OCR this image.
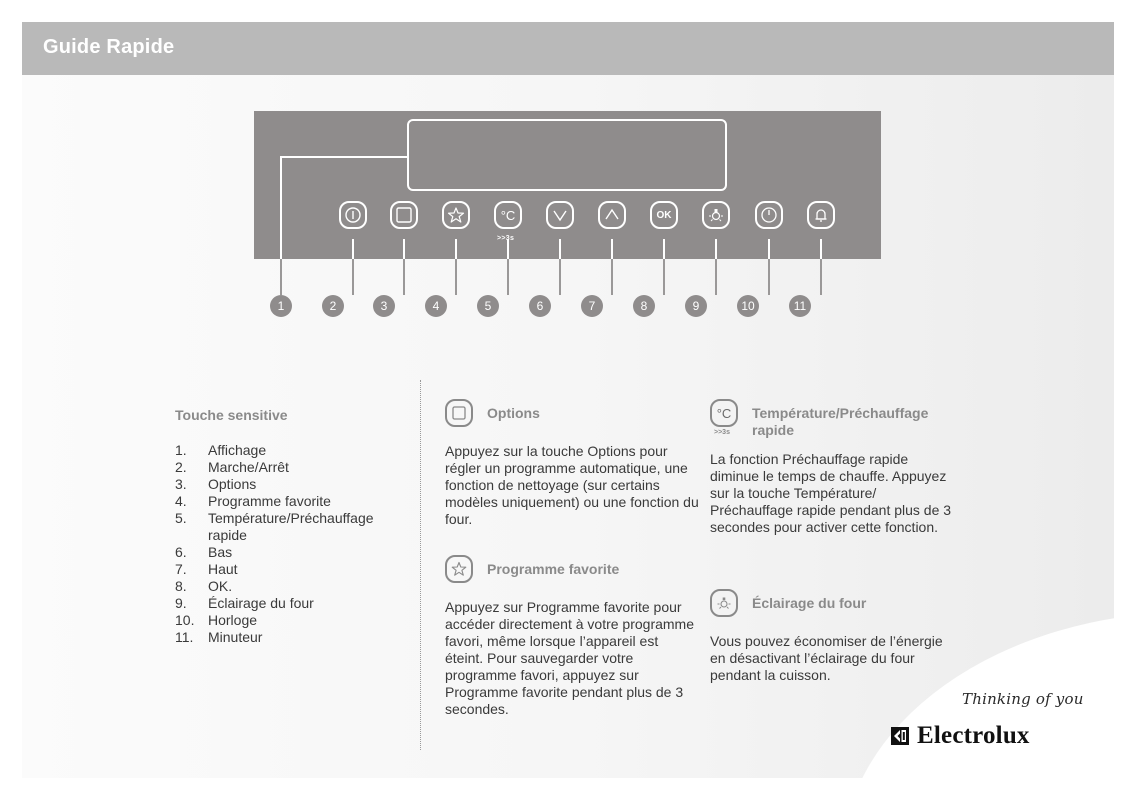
Guide Rapide
°C
>>3s
OK
1	2	3	4	5	6	7	8	9	10	11
Touche sensitive
1.	Affichage
2.	Marche/Arrêt
3.	Options
4.	Programme favorite
5.	Température/Préchauffage rapide
6.	Bas
7.	Haut
8.	OK.
9.	Éclairage du four
10. Horloge
11.	Minuteur
Options
Appuyez sur la touche Options pour régler un programme automatique, une fonction de nettoyage (sur certains modèles uniquement) ou une fonction du four.
Programme favorite
Appuyez sur Programme favorite pour accéder directement à votre programme favori, même lorsque l’appareil est éteint. Pour sauvegarder votre programme favori, appuyez sur Programme favorite pendant plus de 3 secondes.
°C
>>3s
Température/Préchauffage rapide
La fonction Préchauffage rapide diminue le temps de chauffe. Appuyez sur la touche Température/ Préchauffage rapide pendant plus de 3 secondes pour activer cette fonction.
Éclairage du four
Vous pouvez économiser de l’énergie en désactivant l’éclairage du four pendant la cuisson.
Thinking of you
Electrolux
